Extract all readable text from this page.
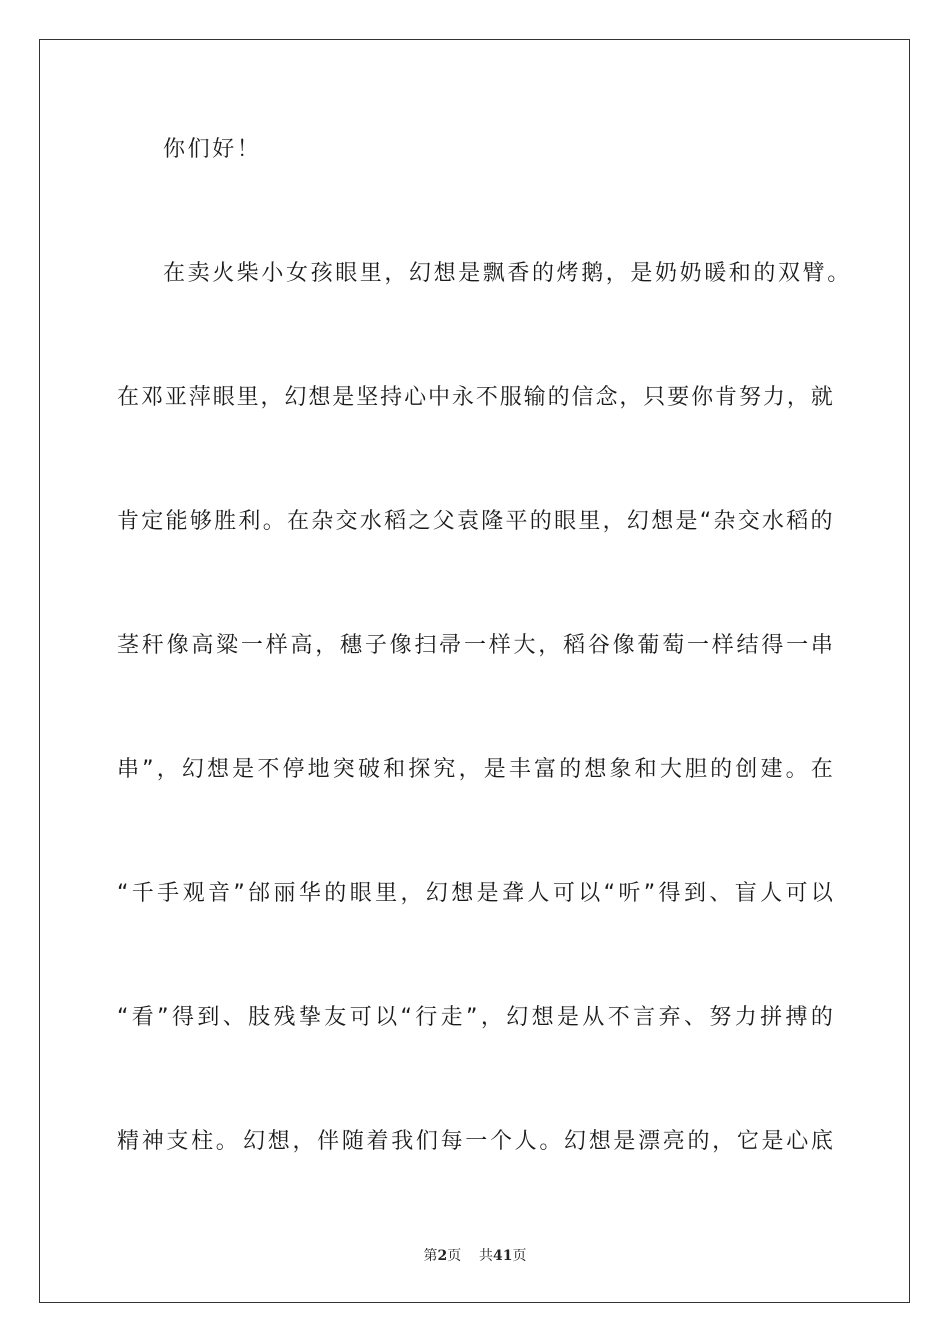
你们好！
在卖火柴小女孩眼里，幻想是飘香的烤鹅，是奶奶暖和的双臂。
在 邓 亚 萍 眼 里 ， 幻 想 是 坚 持 心 中 永 不 服 输 的 信 念 ， 只 要 你 肯 努 力 ， 就
肯 定 能 够 胜 利 。 在 杂 交 水 稻 之 父 袁 隆 平 的 眼 里 ， 幻 想 是 “ 杂 交 水 稻 的
茎 秆 像 高 粱 一 样 高 ， 穗 子 像 扫 帚 一 样 大 ， 稻 谷 像 葡 萄 一 样 结 得 一 串
串 ” ， 幻 想 是 不 停 地 突 破 和 探 究 ， 是 丰 富 的 想 象 和 大 胆 的 创 建 。 在
“ 千 手 观 音 ” 邰 丽 华 的 眼 里 ， 幻 想 是 聋 人 可 以 “ 听 ” 得 到 、 盲 人 可 以
“ 看 ” 得 到 、 肢 残 挚 友 可 以 “ 行 走 ” ， 幻 想 是 从 不 言 弃 、 努 力 拼 搏 的
精 神 支 柱 。 幻 想 ， 伴 随 着 我 们 每 一 个 人 。 幻 想 是 漂 亮 的 ， 它 是 心 底
第2页 共41页
